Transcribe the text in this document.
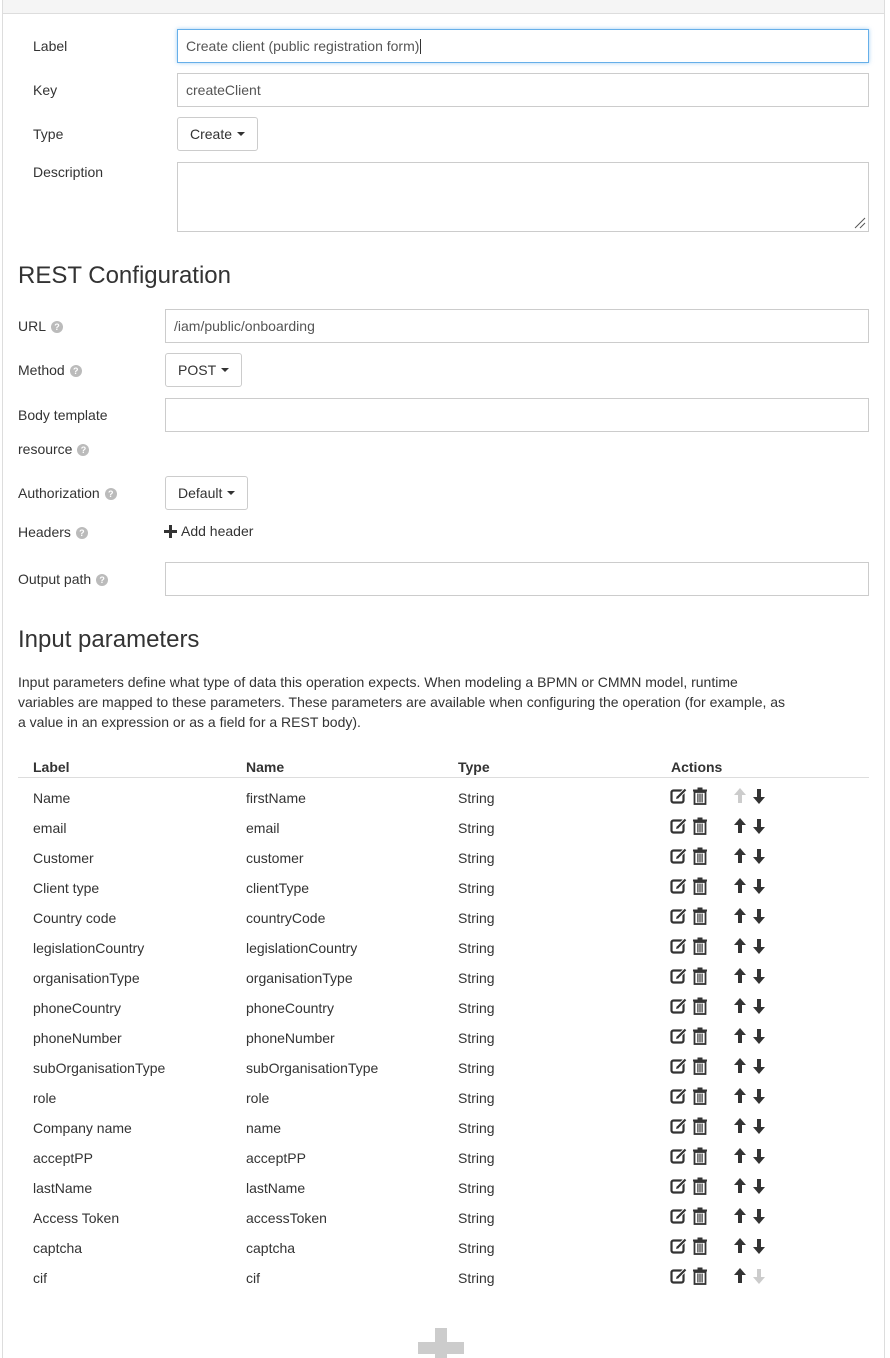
Label	Create client (public registration form)
Key	createClient
Type	Create
Description
REST Configuration
URL ?	/iam/public/onboarding
Method ?	POST
Body template
resource ?
Authorization ?	Default
Headers ?	Add header
Output path ?
Input parameters
Input parameters define what type of data this operation expects. When modeling a BPMN or CMMN model, runtime variables are mapped to these parameters. These parameters are available when configuring the operation (for example, as a value in an expression or as a field for a REST body).
Label	Name	Type	Actions
Name	firstName	String
email	email	String
Customer	customer	String
Client type	clientType	String
Country code	countryCode	String
legislationCountry	legislationCountry	String
organisationType	organisationType	String
phoneCountry	phoneCountry	String
phoneNumber	phoneNumber	String
subOrganisationType	subOrganisationType	String
role	role	String
Company name	name	String
acceptPP	acceptPP	String
lastName	lastName	String
Access Token	accessToken	String
captcha	captcha	String
cif	cif	String
